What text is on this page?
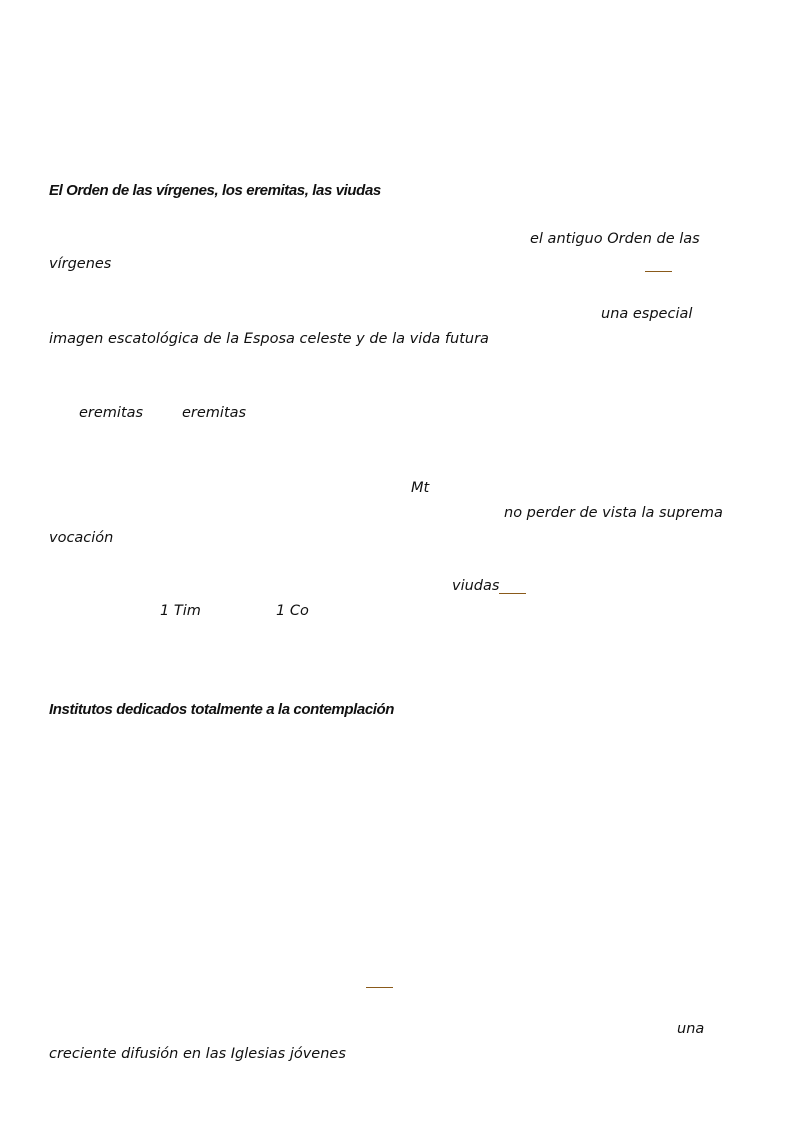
El Orden de las vírgenes, los eremitas, las viudas
el antiguo Orden de las
vírgenes
una especial
imagen escatológica de la Esposa celeste y de la vida futura
eremitas	eremitas
Mt
no perder de vista la suprema
vocación
viudas
1 Tim	1 Co
Institutos dedicados totalmente a la contemplación
una
creciente difusión en las Iglesias jóvenes
